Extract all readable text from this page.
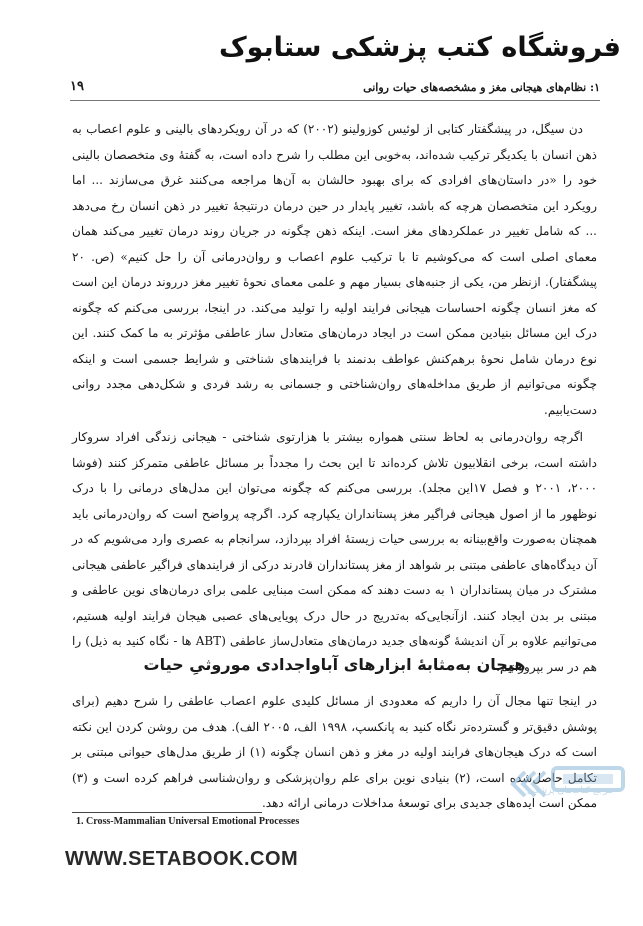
فروشگاه کتب پزشکی ستابوک
۱: نظام‌های هیجانی مغز و مشخصه‌های حیات روانی
۱۹

دن سیگل، در پیشگفتار کتابی از لوئیس کوزولینو (۲۰۰۲) که در آن رویکردهای بالینی و علوم اعصاب به ذهن انسان با یکدیگر ترکیب شده‌اند، به‌خوبی این مطلب را شرح داده است، به گفتهٔ وی متخصصان بالینی خود را «در داستان‌های افرادی که برای بهبود حالشان به آن‌ها مراجعه می‌کنند غرق می‌سازند ... اما رویکرد این متخصصان هرچه که باشد، تغییر پایدار در حین درمان درنتیجهٔ تغییر در ذهن انسان رخ می‌دهد ... که شامل تغییر در عملکردهای مغز است. اینکه ذهن چگونه در جریان روند درمان تغییر می‌کند همان معمای اصلی است که می‌کوشیم تا با ترکیب علوم اعصاب و روان‌درمانی آن را حل کنیم» (ص. ۲۰ پیشگفتار). ازنظر من، یکی از جنبه‌های بسیار مهم و علمی معمای نحوهٔ تغییر مغز درروند درمان این است که مغز انسان چگونه احساسات هیجانی فرایند اولیه را تولید می‌کند. در اینجا، بررسی می‌کنم که چگونه درک این مسائل بنیادین ممکن است در ایجاد درمان‌های متعادل ساز عاطفی مؤثرتر به ما کمک کنند. این نوع درمان شامل نحوهٔ برهم‌کنش عواطف بدنمند با فرایندهای شناختی و شرایط جسمی است و اینکه چگونه می‌توانیم از طریق مداخله‌های روان‌شناختی و جسمانی به رشد فردی و شکل‌دهی مجدد روانی دست‌یابیم.

اگرچه روان‌درمانی به لحاظ سنتی همواره بیشتر با هزارتوی شناختی - هیجانی زندگی افراد سروکار داشته است، برخی انقلابیون تلاش کرده‌اند تا این بحث را مجدداً بر مسائل عاطفی متمرکز کنند (فوشا ۲۰۰۰، ۲۰۰۱ و فصل ۱۷این مجلد). بررسی می‌کنم که چگونه می‌توان این مدل‌های درمانی را با درک نوظهور ما از اصول هیجانی فراگیر مغز پستانداران یکپارچه کرد. اگرچه پرواضح است که روان‌درمانی باید همچنان به‌صورت واقع‌بینانه به بررسی حیات زیستهٔ افراد بپردازد، سرانجام به عصری وارد می‌شویم که در آن دیدگاه‌های عاطفی مبتنی بر شواهد از مغز پستانداران قادرند درکی از فرایندهای فراگیر عاطفی هیجانی مشترک در میان پستانداران ۱ به دست دهند که ممکن است مبنایی علمی برای درمان‌های نوین عاطفی و مبتنی بر بدن ایجاد کنند. ازآنجایی‌که به‌تدریج در حال درک پویایی‌های عصبی هیجان فرایند اولیه هستیم، می‌توانیم علاوه بر آن اندیشهٔ گونه‌های جدید درمان‌های متعادل‌ساز عاطفی (ABT ها - نگاه کنید به ذیل) را هم در سر بپرورانیم.

هیجان به‌مثابهٔ ابزارهای آباواجدادی موروثیِ حیات

در اینجا تنها مجال آن را داریم که معدودی از مسائل کلیدی علوم اعصاب عاطفی را شرح دهیم (برای پوشش دقیق‌تر و گسترده‌تر نگاه کنید به پانکسپ، ۱۹۹۸ الف، ۲۰۰۵ الف). هدف من روشن کردن این نکته است که درک هیجان‌های فرایند اولیه در مغز و ذهن انسان چگونه (۱) از طریق مدل‌های حیوانی مبتنی بر تکامل حاصل‌شده است، (۲) بنیادی نوین برای علم روان‌پزشکی و روان‌شناسی فراهم کرده است و (۳) ممکن است ایده‌های جدیدی برای توسعهٔ مداخلات درمانی ارائه دهد.

1. Cross-Mammalian Universal Emotional Processes
مرجع کتاب‌های پزشکی
WWW.SETABOOK.COM
